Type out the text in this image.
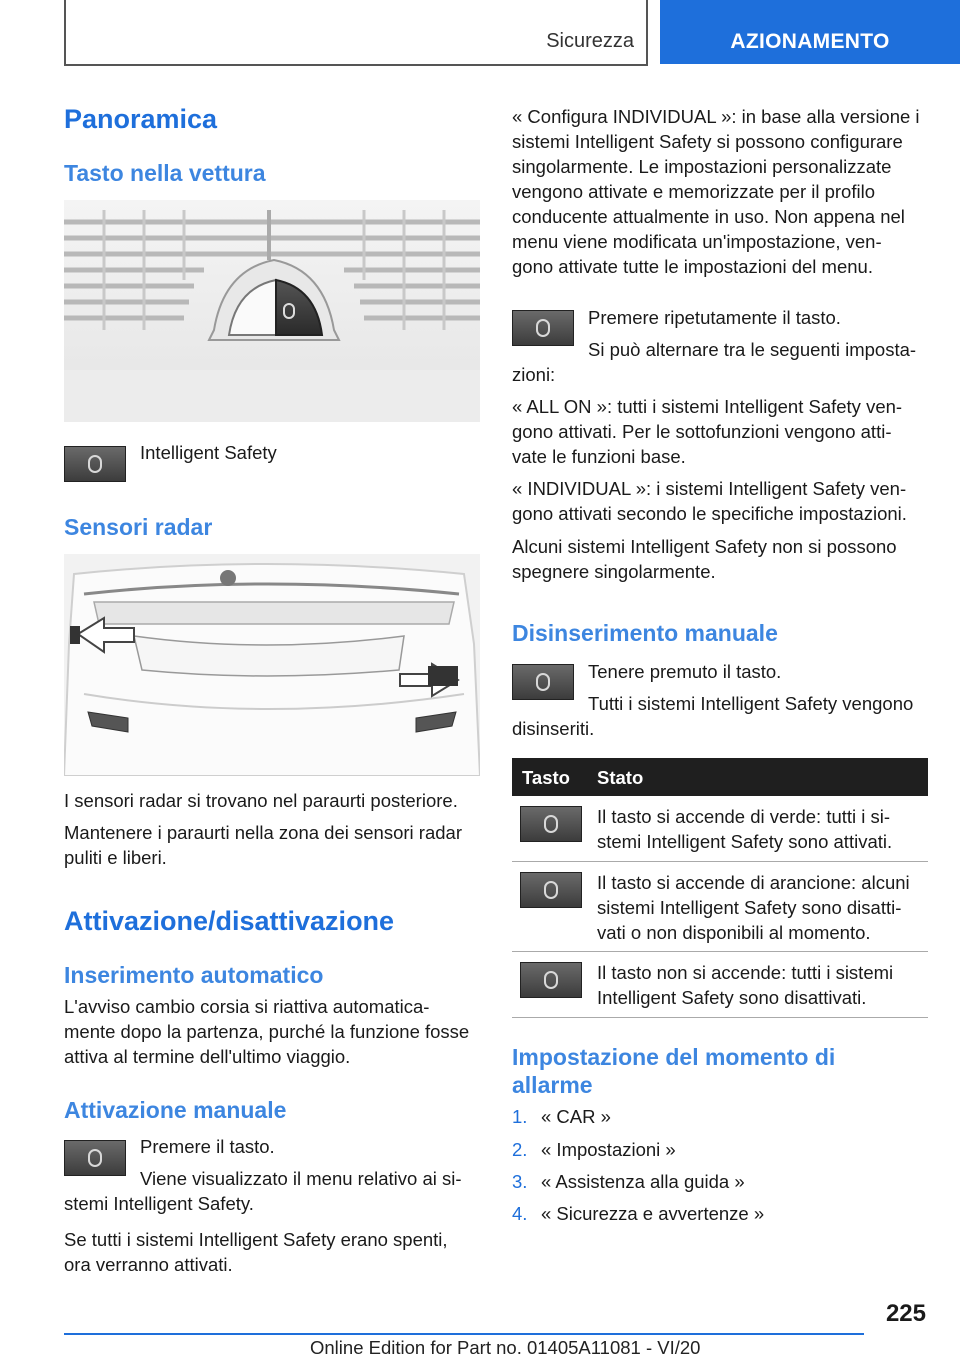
Sicurezza	AZIONAMENTO
Panoramica
Tasto nella vettura
Intelligent Safety
Sensori radar
I sensori radar si trovano nel paraurti posteriore.
Mantenere i paraurti nella zona dei sensori radar
puliti e liberi.
Attivazione/disattivazione
Inserimento automatico
L'avviso cambio corsia si riattiva automatica-
mente dopo la partenza, purché la funzione fosse
attiva al termine dell'ultimo viaggio.
Attivazione manuale
Premere il tasto.
Viene visualizzato il menu relativo ai si-
stemi Intelligent Safety.
Se tutti i sistemi Intelligent Safety erano spenti,
ora verranno attivati.
« Configura INDIVIDUAL »: in base alla versione i
sistemi Intelligent Safety si possono configurare
singolarmente. Le impostazioni personalizzate
vengono attivate e memorizzate per il profilo
conducente attualmente in uso. Non appena nel
menu viene modificata un'impostazione, ven-
gono attivate tutte le impostazioni del menu.
Premere ripetutamente il tasto.
Si può alternare tra le seguenti imposta-
zioni:
« ALL ON »: tutti i sistemi Intelligent Safety ven-
gono attivati. Per le sottofunzioni vengono atti-
vate le funzioni base.
« INDIVIDUAL »: i sistemi Intelligent Safety ven-
gono attivati secondo le specifiche impostazioni.
Alcuni sistemi Intelligent Safety non si possono
spegnere singolarmente.
Disinserimento manuale
Tenere premuto il tasto.
Tutti i sistemi Intelligent Safety vengono
disinseriti.
Tasto Stato
Il tasto si accende di verde: tutti i si-
stemi Intelligent Safety sono attivati.
Il tasto si accende di arancione: alcuni
sistemi Intelligent Safety sono disatti-
vati o non disponibili al momento.
Il tasto non si accende: tutti i sistemi
Intelligent Safety sono disattivati.
Impostazione del momento di
allarme
1. « CAR »
2. « Impostazioni »
3. « Assistenza alla guida »
4. « Sicurezza e avvertenze »
225
Online Edition for Part no. 01405A11081 - VI/20
